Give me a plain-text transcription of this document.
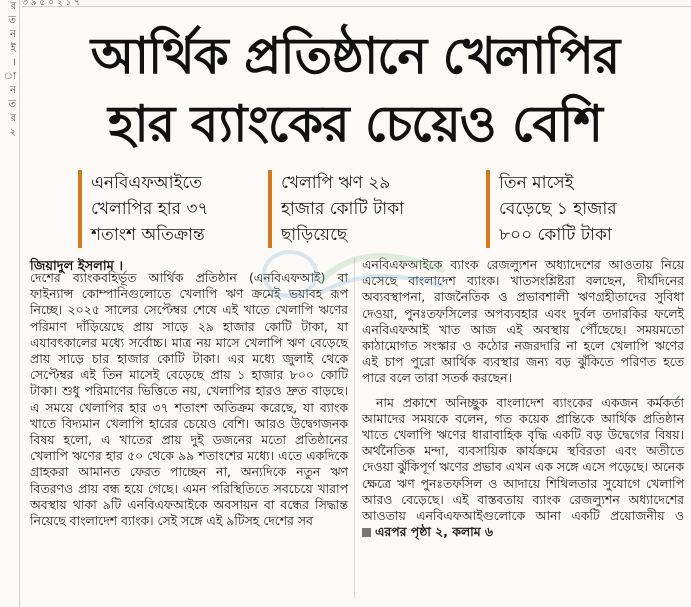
৩ ৯ ৫ ০ ২ ১ ৭
র
ত
ন
ই
।
া
ন
ত
র
২
আর্থিক প্রতিষ্ঠানে খেলাপির
হার ব্যাংকের চেয়েও বেশি

এনবিএফআইতে

খেলাপির হার ৩৭

শতাংশ অতিক্রান্ত

খেলাপি ঋণ ২৯

হাজার কোটি টাকা

ছাড়িয়েছে

তিন মাসেই

বেড়েছে ১ হাজার

৮০০ কোটি টাকা

জিয়াদুল ইসলাম ।

দেশের ব্যাংকবহির্ভূত আর্থিক প্রতিষ্ঠান (এনবিএফআই) বা ফাইন্যান্স কোম্পানিগুলোতে খেলাপি ঋণ ক্রমেই ভয়াবহ রূপ নিচ্ছে। ২০২৫ সালের সেপ্টেম্বর শেষে এই খাতে খেলাপি ঋণের পরিমাণ দাঁড়িয়েছে প্রায় সাড়ে ২৯ হাজার কোটি টাকা, যা এযাবৎকালের মধ্যে সর্বোচ্চ। মাত্র নয় মাসে খেলাপি ঋণ বেড়েছে প্রায় সাড়ে চার হাজার কোটি টাকা। এর মধ্যে জুলাই থেকে সেপ্টেম্বর এই তিন মাসেই বেড়েছে প্রায় ১ হাজার ৮০০ কোটি টাকা। শুধু পরিমাণের ভিত্তিতে নয়, খেলাপির হারও দ্রুত বাড়ছে। এ সময়ে খেলাপির হার ৩৭ শতাংশ অতিক্রম করেছে, যা ব্যাংক খাতে বিদ্যমান খেলাপি হারের চেয়েও বেশি। আরও উদ্বেগজনক বিষয় হলো, এ খাতের প্রায় দুই ডজনের মতো প্রতিষ্ঠানের খেলাপি ঋণের হার ৫০ থেকে ৯৯ শতাংশের মধ্যে। এতে একদিকে গ্রাহকরা আমানত ফেরত পাচ্ছেন না, অন্যদিকে নতুন ঋণ বিতরণও প্রায় বন্ধ হয়ে গেছে। এমন পরিস্থিতিতে সবচেয়ে খারাপ অবস্থায় থাকা ৯টি এনবিএফআইকে অবসায়ন বা বন্ধের সিদ্ধান্ত নিয়েছে বাংলাদেশ ব্যাংক। সেই সঙ্গে এই ৯টিসহ দেশের সব

এনবিএফআইকে ব্যাংক রেজল্যুশন অধ্যাদেশের আওতায় নিয়ে এসেছে বাংলাদেশ ব্যাংক। খাতসংশ্লিষ্টরা বলছেন, দীর্ঘদিনের অব্যবস্থাপনা, রাজনৈতিক ও প্রভাবশালী ঋণগ্রহীতাদের সুবিধা দেওয়া, পুনঃতফসিলের অপব্যবহার এবং দুর্বল তদারকির ফলেই এনবিএফআই খাত আজ এই অবস্থায় পৌঁছেছে। সময়মতো কাঠামোগত সংস্কার ও কঠোর নজরদারি না হলে খেলাপি ঋণের এই চাপ পুরো আর্থিক ব্যবস্থার জন্য বড় ঝুঁকিতে পরিণত হতে পারে বলে তারা সতর্ক করছেন।

নাম প্রকাশে অনিচ্ছুক বাংলাদেশ ব্যাংকের একজন কর্মকর্তা আমাদের সময়কে বলেন, গত কয়েক প্রান্তিকে আর্থিক প্রতিষ্ঠান খাতে খেলাপি ঋণের ধারাবাহিক বৃদ্ধি একটি বড় উদ্বেগের বিষয়। অর্থনৈতিক মন্দা, ব্যবসায়িক কার্যক্রমে স্থবিরতা এবং অতীতে দেওয়া ঝুঁকিপূর্ণ ঋণের প্রভাব এখন এক সঙ্গে এসে পড়েছে। অনেক ক্ষেত্রে ঋণ পুনঃতফসিল ও আদায়ে শিথিলতার সুযোগে খেলাপি আরও বেড়েছে। এই বাস্তবতায় ব্যাংক রেজল্যুশন অধ্যাদেশের আওতায় এনবিএফআইগুলোকে আনা একটি প্রয়োজনীয় ও এরপর পৃষ্ঠা ২, কলাম ৬
